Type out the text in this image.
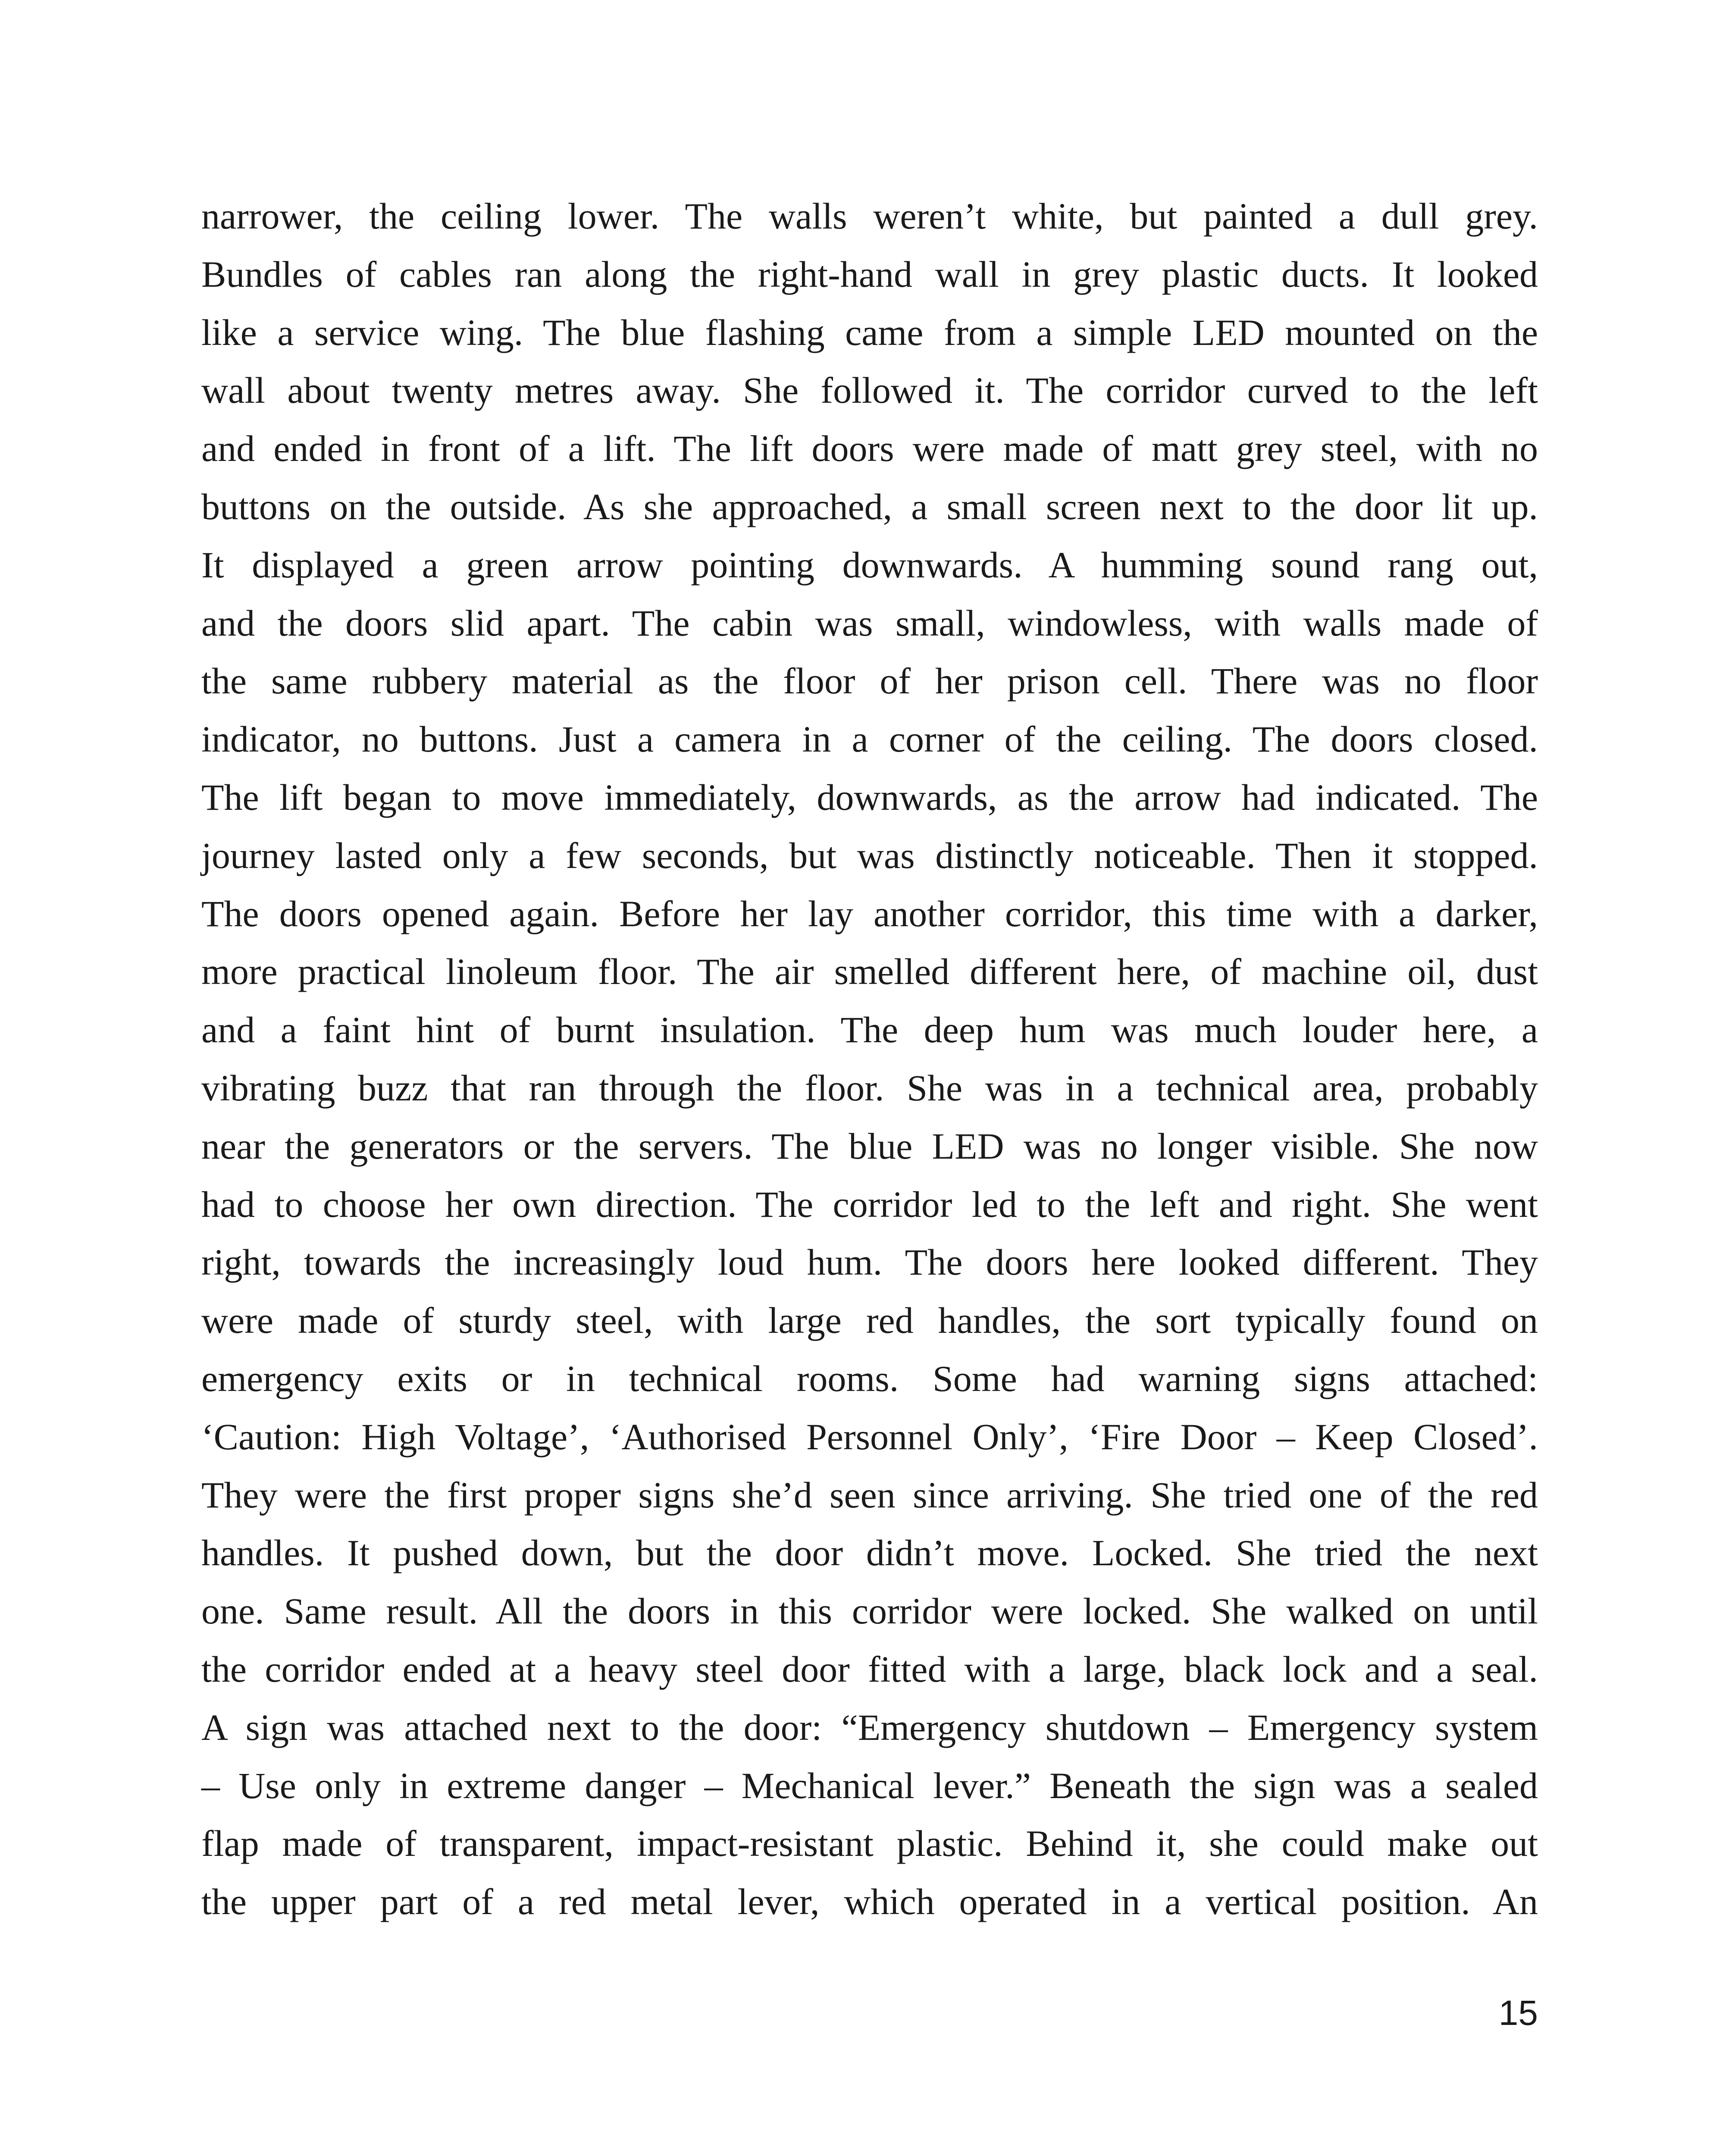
narrower, the ceiling lower. The walls weren’t white, but painted a dull grey.
Bundles of cables ran along the right-hand wall in grey plastic ducts. It looked
like a service wing. The blue flashing came from a simple LED mounted on the
wall about twenty metres away. She followed it. The corridor curved to the left
and ended in front of a lift. The lift doors were made of matt grey steel, with no
buttons on the outside. As she approached, a small screen next to the door lit up.
It displayed a green arrow pointing downwards. A humming sound rang out,
and the doors slid apart. The cabin was small, windowless, with walls made of
the same rubbery material as the floor of her prison cell. There was no floor
indicator, no buttons. Just a camera in a corner of the ceiling. The doors closed.
The lift began to move immediately, downwards, as the arrow had indicated. The
journey lasted only a few seconds, but was distinctly noticeable. Then it stopped.
The doors opened again. Before her lay another corridor, this time with a darker,
more practical linoleum floor. The air smelled different here, of machine oil, dust
and a faint hint of burnt insulation. The deep hum was much louder here, a
vibrating buzz that ran through the floor. She was in a technical area, probably
near the generators or the servers. The blue LED was no longer visible. She now
had to choose her own direction. The corridor led to the left and right. She went
right, towards the increasingly loud hum. The doors here looked different. They
were made of sturdy steel, with large red handles, the sort typically found on
emergency exits or in technical rooms. Some had warning signs attached:
‘Caution: High Voltage’, ‘Authorised Personnel Only’, ‘Fire Door – Keep Closed’.
They were the first proper signs she’d seen since arriving. She tried one of the red
handles. It pushed down, but the door didn’t move. Locked. She tried the next
one. Same result. All the doors in this corridor were locked. She walked on until
the corridor ended at a heavy steel door fitted with a large, black lock and a seal.
A sign was attached next to the door: “Emergency shutdown – Emergency system
– Use only in extreme danger – Mechanical lever.” Beneath the sign was a sealed
flap made of transparent, impact-resistant plastic. Behind it, she could make out
the upper part of a red metal lever, which operated in a vertical position. An
15
